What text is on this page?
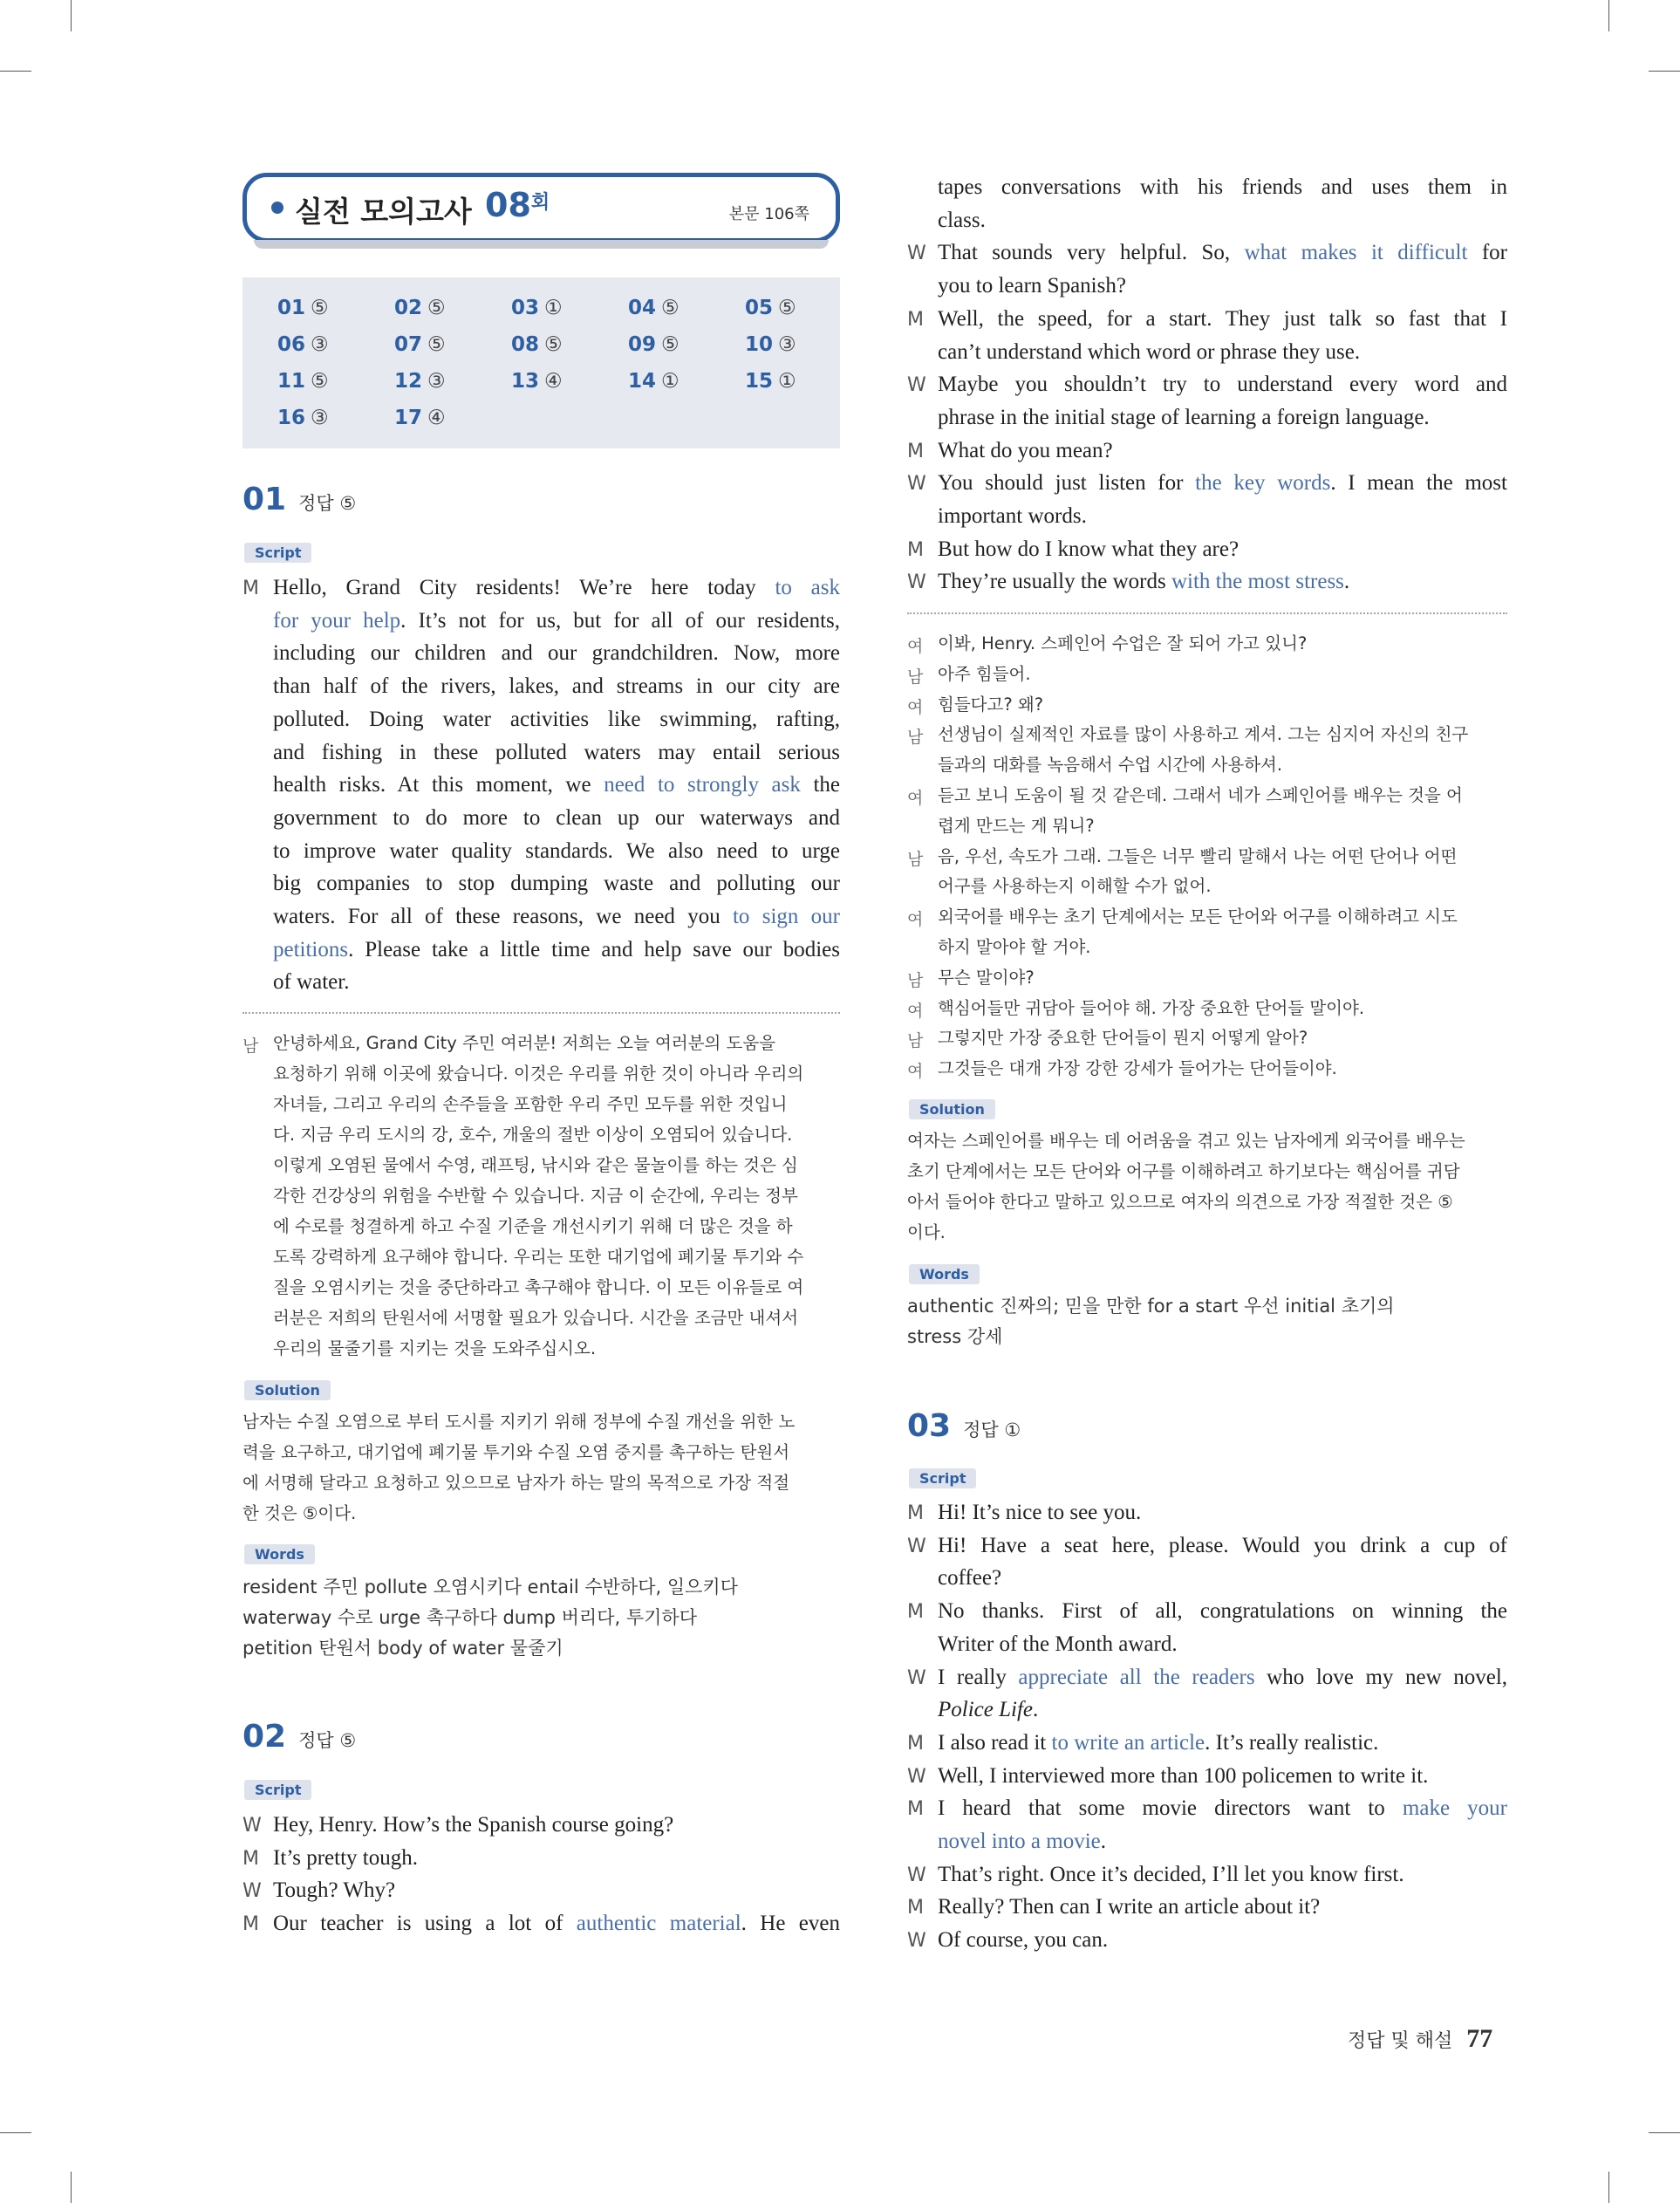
실전 모의고사 $08^회$
본문 106쪽
01 ⑤	02 ⑤	03 ①	04 ⑤	05 ⑤
06 ③	07 ⑤	08 ⑤	09 ⑤	10 ③
11 ⑤	12 ③	13 ④	14 ①	15 ①
16 ③	17 ④
정답 및 해설 77
01 정답 ⑤
Script
M Hello, Grand City residents! We’re here today to ask
for your help. It’s not for us, but for all of our residents,
including our children and our grandchildren. Now, more
than half of the rivers, lakes, and streams in our city are
polluted. Doing water activities like swimming, rafting,
and fishing in these polluted waters may entail serious
health risks. At this moment, we need to strongly ask the
government to do more to clean up our waterways and
to improve water quality standards. We also need to urge
big companies to stop dumping waste and polluting our
waters. For all of these reasons, we need you to sign our
petitions. Please take a little time and help save our bodies
of water.
남 안녕하세요, Grand City 주민 여러분! 저희는 오늘 여러분의 도움을
요청하기 위해 이곳에 왔습니다. 이것은 우리를 위한 것이 아니라 우리의
자녀들, 그리고 우리의 손주들을 포함한 우리 주민 모두를 위한 것입니
다. 지금 우리 도시의 강, 호수, 개울의 절반 이상이 오염되어 있습니다.
이렇게 오염된 물에서 수영, 래프팅, 낚시와 같은 물놀이를 하는 것은 심
각한 건강상의 위험을 수반할 수 있습니다. 지금 이 순간에, 우리는 정부
에 수로를 청결하게 하고 수질 기준을 개선시키기 위해 더 많은 것을 하
도록 강력하게 요구해야 합니다. 우리는 또한 대기업에 폐기물 투기와 수
질을 오염시키는 것을 중단하라고 촉구해야 합니다. 이 모든 이유들로 여
러분은 저희의 탄원서에 서명할 필요가 있습니다. 시간을 조금만 내셔서
우리의 물줄기를 지키는 것을 도와주십시오.
Solution
남자는 수질 오염으로 부터 도시를 지키기 위해 정부에 수질 개선을 위한 노
력을 요구하고, 대기업에 폐기물 투기와 수질 오염 중지를 촉구하는 탄원서
에 서명해 달라고 요청하고 있으므로 남자가 하는 말의 목적으로 가장 적절
한 것은 ⑤이다.
Words
resident 주민 pollute 오염시키다 entail 수반하다, 일으키다
waterway 수로 urge 촉구하다 dump 버리다, 투기하다
petition 탄원서 body of water 물줄기
02 정답 ⑤
Script
W Hey, Henry. How’s the Spanish course going?
M It’s pretty tough.
W Tough? Why?
M Our teacher is using a lot of authentic material. He even
tapes conversations with his friends and uses them in
class.
W That sounds very helpful. So, what makes it difficult for
you to learn Spanish?
M Well, the speed, for a start. They just talk so fast that I
can’t understand which word or phrase they use.
W Maybe you shouldn’t try to understand every word and
phrase in the initial stage of learning a foreign language.
M What do you mean?
W You should just listen for the key words. I mean the most
important words.
M But how do I know what they are?
W They’re usually the words with the most stress.
여 이봐, Henry. 스페인어 수업은 잘 되어 가고 있니?
남 아주 힘들어.
여 힘들다고? 왜?
남 선생님이 실제적인 자료를 많이 사용하고 계셔. 그는 심지어 자신의 친구
들과의 대화를 녹음해서 수업 시간에 사용하셔.
여 듣고 보니 도움이 될 것 같은데. 그래서 네가 스페인어를 배우는 것을 어
렵게 만드는 게 뭐니?
남 음, 우선, 속도가 그래. 그들은 너무 빨리 말해서 나는 어떤 단어나 어떤
어구를 사용하는지 이해할 수가 없어.
여 외국어를 배우는 초기 단계에서는 모든 단어와 어구를 이해하려고 시도
하지 말아야 할 거야.
남 무슨 말이야?
여 핵심어들만 귀담아 들어야 해. 가장 중요한 단어들 말이야.
남 그렇지만 가장 중요한 단어들이 뭔지 어떻게 알아?
여 그것들은 대개 가장 강한 강세가 들어가는 단어들이야.
Solution
여자는 스페인어를 배우는 데 어려움을 겪고 있는 남자에게 외국어를 배우는
초기 단계에서는 모든 단어와 어구를 이해하려고 하기보다는 핵심어를 귀담
아서 들어야 한다고 말하고 있으므로 여자의 의견으로 가장 적절한 것은 ⑤
이다.
Words
authentic 진짜의; 믿을 만한 for a start 우선 initial 초기의
stress 강세
03 정답 ①
Script
M Hi! It’s nice to see you.
W Hi! Have a seat here, please. Would you drink a cup of
coffee?
M No thanks. First of all, congratulations on winning the
Writer of the Month award.
W I really appreciate all the readers who love my new novel,
Police Life.
M I also read it to write an article. It’s really realistic.
W Well, I interviewed more than 100 policemen to write it.
M I heard that some movie directors want to make your
novel into a movie.
W That’s right. Once it’s decided, I’ll let you know first.
M Really? Then can I write an article about it?
W Of course, you can.
